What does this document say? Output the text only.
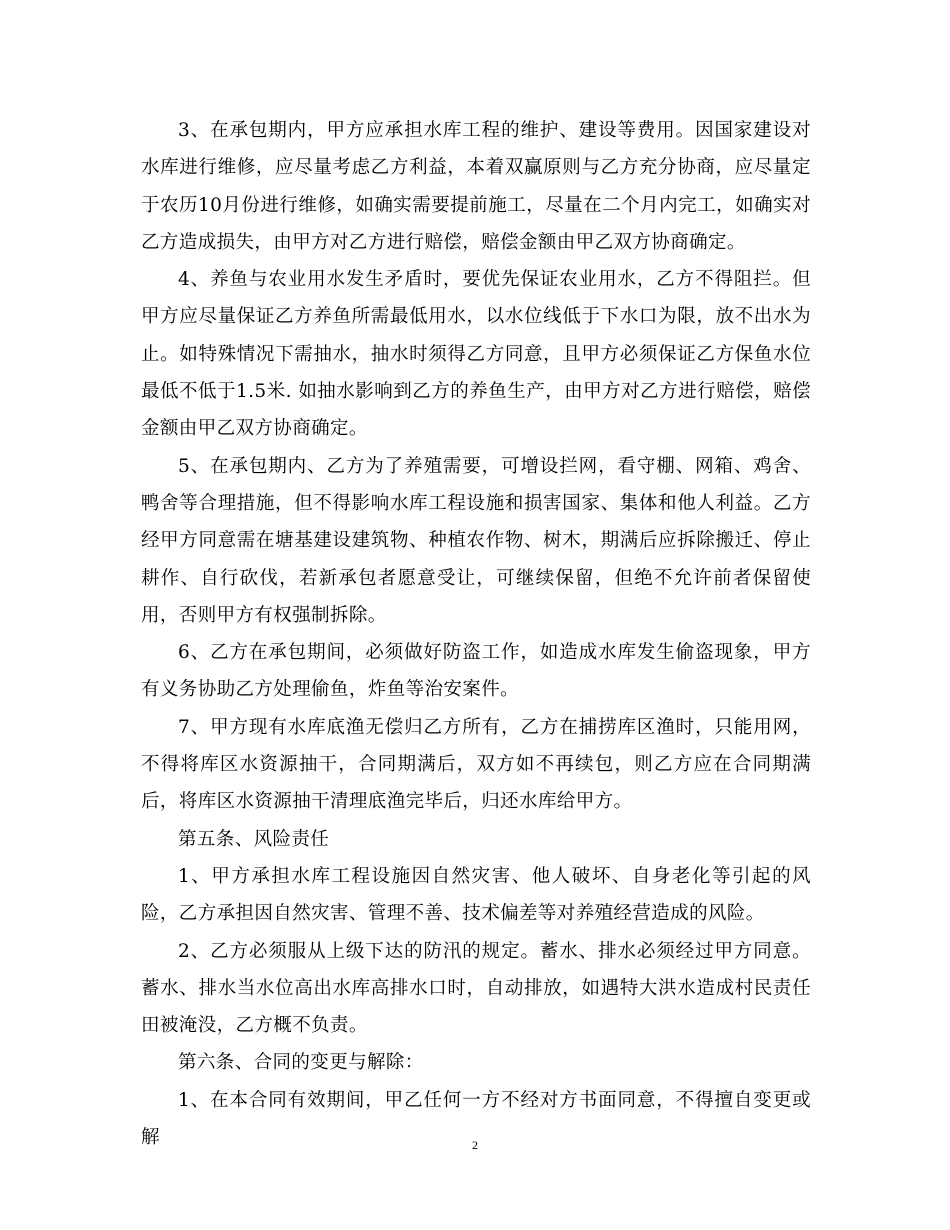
3、在承包期内，甲方应承担水库工程的维护、建设等费用。因国家建设对水库进行维修，应尽量考虑乙方利益，本着双赢原则与乙方充分协商，应尽量定于农历10月份进行维修，如确实需要提前施工，尽量在二个月内完工，如确实对乙方造成损失，由甲方对乙方进行赔偿，赔偿金额由甲乙双方协商确定。

4、养鱼与农业用水发生矛盾时，要优先保证农业用水，乙方不得阻拦。但甲方应尽量保证乙方养鱼所需最低用水，以水位线低于下水口为限，放不出水为止。如特殊情况下需抽水，抽水时须得乙方同意，且甲方必须保证乙方保鱼水位最低不低于1.5米. 如抽水影响到乙方的养鱼生产，由甲方对乙方进行赔偿，赔偿金额由甲乙双方协商确定。

5、在承包期内、乙方为了养殖需要，可增设拦网，看守棚、网箱、鸡舍、鸭舍等合理措施，但不得影响水库工程设施和损害国家、集体和他人利益。乙方经甲方同意需在塘基建设建筑物、种植农作物、树木，期满后应拆除搬迁、停止耕作、自行砍伐，若新承包者愿意受让，可继续保留，但绝不允许前者保留使用，否则甲方有权强制拆除。

6、乙方在承包期间，必须做好防盗工作，如造成水库发生偷盗现象，甲方有义务协助乙方处理偷鱼，炸鱼等治安案件。

7、甲方现有水库底渔无偿归乙方所有，乙方在捕捞库区渔时，只能用网，不得将库区水资源抽干，合同期满后，双方如不再续包，则乙方应在合同期满后，将库区水资源抽干清理底渔完毕后，归还水库给甲方。

第五条、风险责任

1、甲方承担水库工程设施因自然灾害、他人破坏、自身老化等引起的风险，乙方承担因自然灾害、管理不善、技术偏差等对养殖经营造成的风险。

2、乙方必须服从上级下达的防汛的规定。蓄水、排水必须经过甲方同意。蓄水、排水当水位高出水库高排水口时，自动排放，如遇特大洪水造成村民责任田被淹没，乙方概不负责。

第六条、合同的变更与解除：

1、在本合同有效期间，甲乙任何一方不经对方书面同意，不得擅自变更或解	2
